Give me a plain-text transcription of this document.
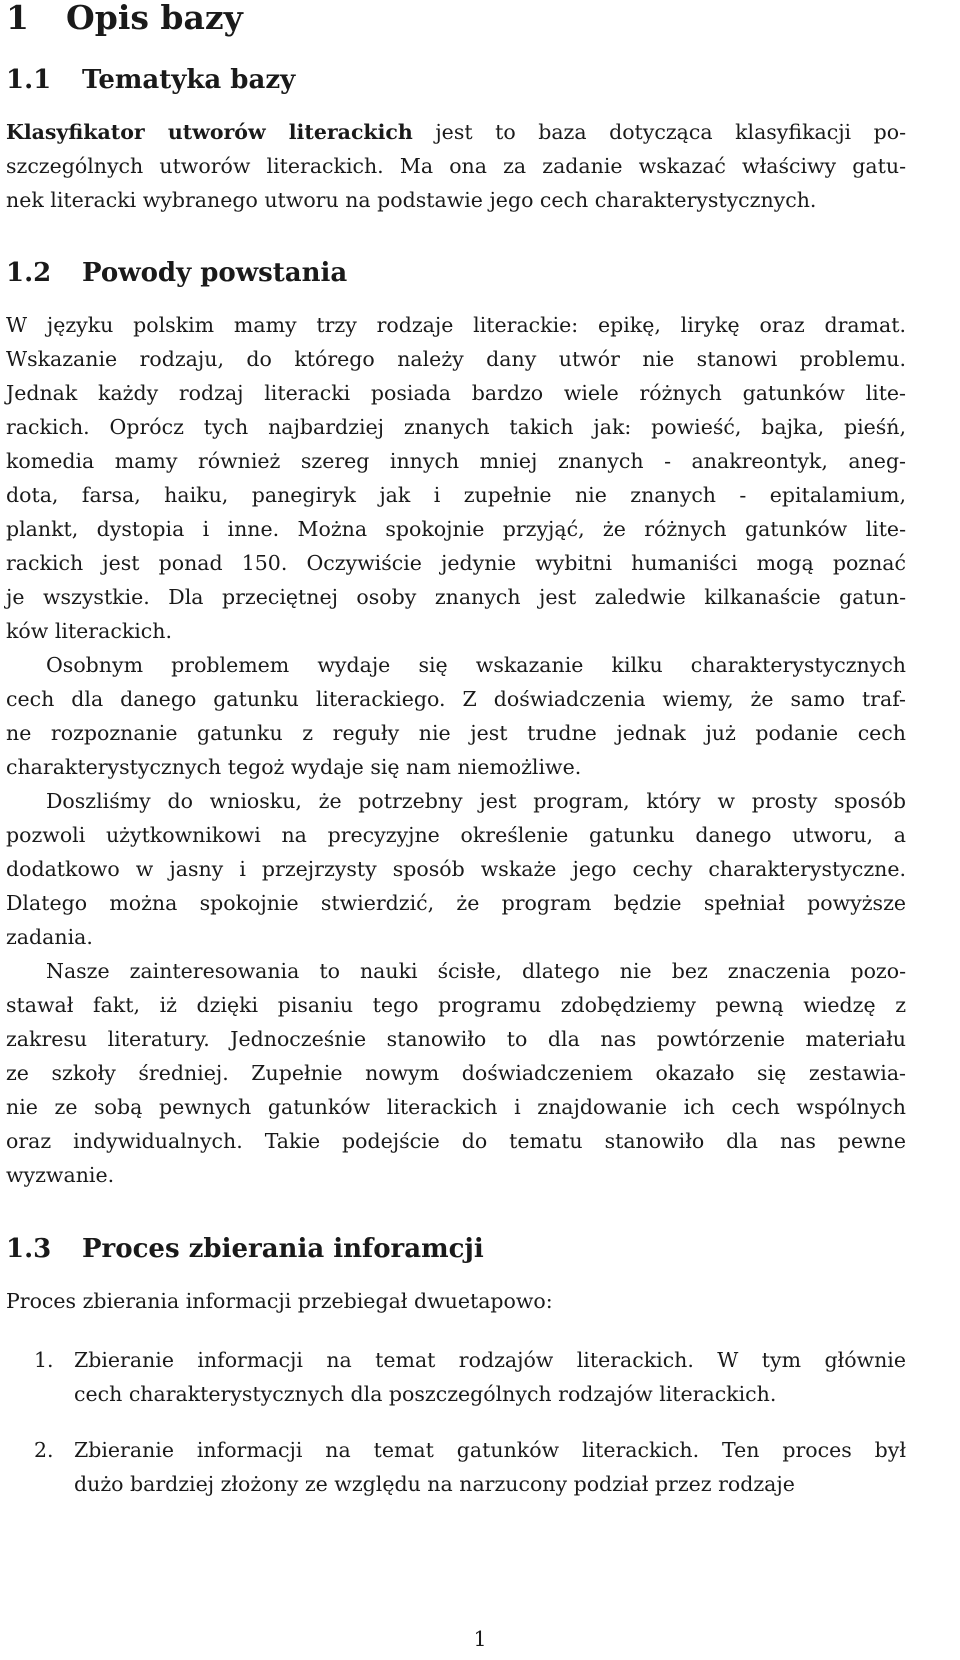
1 Opis bazy
1.1 Tematyka bazy
Klasyfikator utworów literackich jest to baza dotycząca klasyfikacji po-
szczególnych utworów literackich. Ma ona za zadanie wskazać właściwy gatu-
nek literacki wybranego utworu na podstawie jego cech charakterystycznych.
1.2 Powody powstania
W języku polskim mamy trzy rodzaje literackie: epikę, lirykę oraz dramat.
Wskazanie rodzaju, do którego należy dany utwór nie stanowi problemu.
Jednak każdy rodzaj literacki posiada bardzo wiele różnych gatunków lite-
rackich. Oprócz tych najbardziej znanych takich jak: powieść, bajka, pieśń,
komedia mamy również szereg innych mniej znanych - anakreontyk, aneg-
dota, farsa, haiku, panegiryk jak i zupełnie nie znanych - epitalamium,
plankt, dystopia i inne. Można spokojnie przyjąć, że różnych gatunków lite-
rackich jest ponad 150. Oczywiście jedynie wybitni humaniści mogą poznać
je wszystkie. Dla przeciętnej osoby znanych jest zaledwie kilkanaście gatun-
ków literackich.
Osobnym problemem wydaje się wskazanie kilku charakterystycznych
cech dla danego gatunku literackiego. Z doświadczenia wiemy, że samo traf-
ne rozpoznanie gatunku z reguły nie jest trudne jednak już podanie cech
charakterystycznych tegoż wydaje się nam niemożliwe.
Doszliśmy do wniosku, że potrzebny jest program, który w prosty sposób
pozwoli użytkownikowi na precyzyjne określenie gatunku danego utworu, a
dodatkowo w jasny i przejrzysty sposób wskaże jego cechy charakterystyczne.
Dlatego można spokojnie stwierdzić, że program będzie spełniał powyższe
zadania.
Nasze zainteresowania to nauki ścisłe, dlatego nie bez znaczenia pozo-
stawał fakt, iż dzięki pisaniu tego programu zdobędziemy pewną wiedzę z
zakresu literatury. Jednocześnie stanowiło to dla nas powtórzenie materiału
ze szkoły średniej. Zupełnie nowym doświadczeniem okazało się zestawia-
nie ze sobą pewnych gatunków literackich i znajdowanie ich cech wspólnych
oraz indywidualnych. Takie podejście do tematu stanowiło dla nas pewne
wyzwanie.
1.3 Proces zbierania inforamcji
Proces zbierania informacji przebiegał dwuetapowo:
1. Zbieranie informacji na temat rodzajów literackich. W tym głównie
cech charakterystycznych dla poszczególnych rodzajów literackich.
2. Zbieranie informacji na temat gatunków literackich. Ten proces był
dużo bardziej złożony ze względu na narzucony podział przez rodzaje
1
